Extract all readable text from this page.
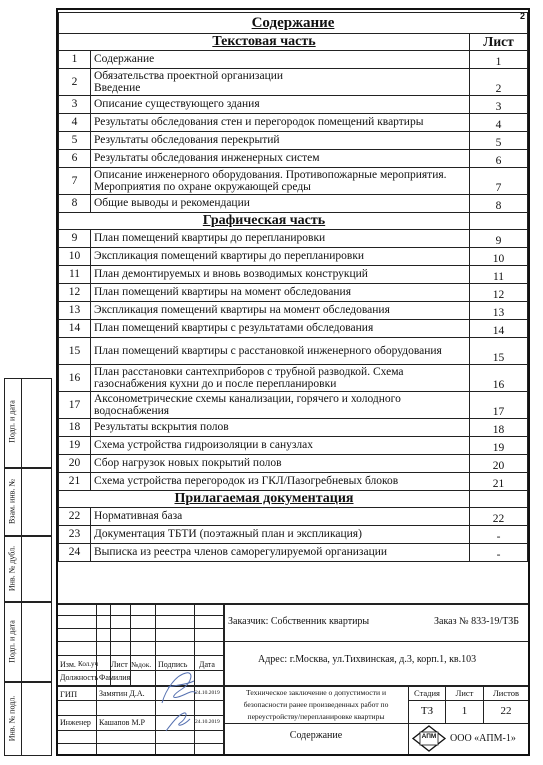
2
Содержание		
Текстовая часть		Лист
1	Содержание	1
2	Обязательства проектной организации
Введение	2
3	Описание существующего здания	3
4	Результаты обследования стен и перегородок помещений квартиры	4
5	Результаты обследования перекрытий	5
6	Результаты обследования инженерных систем	6
7	Описание инженерного оборудования. Противопожарные мероприятия. Мероприятия по охране окружающей среды	7
8	Общие выводы и рекомендации	8
Графическая часть		
9	План помещений квартиры до перепланировки	9
10	Экспликация помещений квартиры до перепланировки	10
11	План демонтируемых и вновь возводимых конструкций	11
12	План помещений квартиры на момент обследования	12
13	Экспликация помещений квартиры на момент обследования	13
14	План помещений квартиры с результатами обследования	14
15	План помещений квартиры с расстановкой инженерного оборудования	15
16	План расстановки сантехприборов с трубной разводкой. Схема газоснабжения кухни до и после перепланировки	16
17	Аксонометрические схемы канализации, горячего и холодного водоснабжения	17
18	Результаты вскрытия полов	18
19	Схема устройства гидроизоляции в санузлах	19
20	Сбор нагрузок новых покрытий полов	20
21	Схема устройства перегородок из ГКЛ/Пазогребневых блоков	21
Прилагаемая документация		
22	Нормативная база	22
23	Документация ТБТИ (поэтажный план и экспликация)	-
24	Выписка из реестра членов саморегулируемой организации	-
Изм. Кол.уч Лист №док. Подпись Дата
Должность Фамилия
ГИП	Замятин Д.А.	24.10.2019
Инженер Кашапов М.Р	24.10.2019
Заказчик: Собственник квартиры	Заказ № 833-19/ТЗБ
Адрес: г.Москва, ул.Тихвинская, д.3, корп.1, кв.103
Техническое заключение о допустимости и безопасности ранее произведенных работ по переустройству/перепланировке квартиры
Содержание
Стадия	Лист	Листов
ТЗ	1	22
АПМ ООО «АПМ-1»
Подп. и дата
Взам. инв. №
Инв. № дубл.
Подп. и дата
Инв. № подл.
